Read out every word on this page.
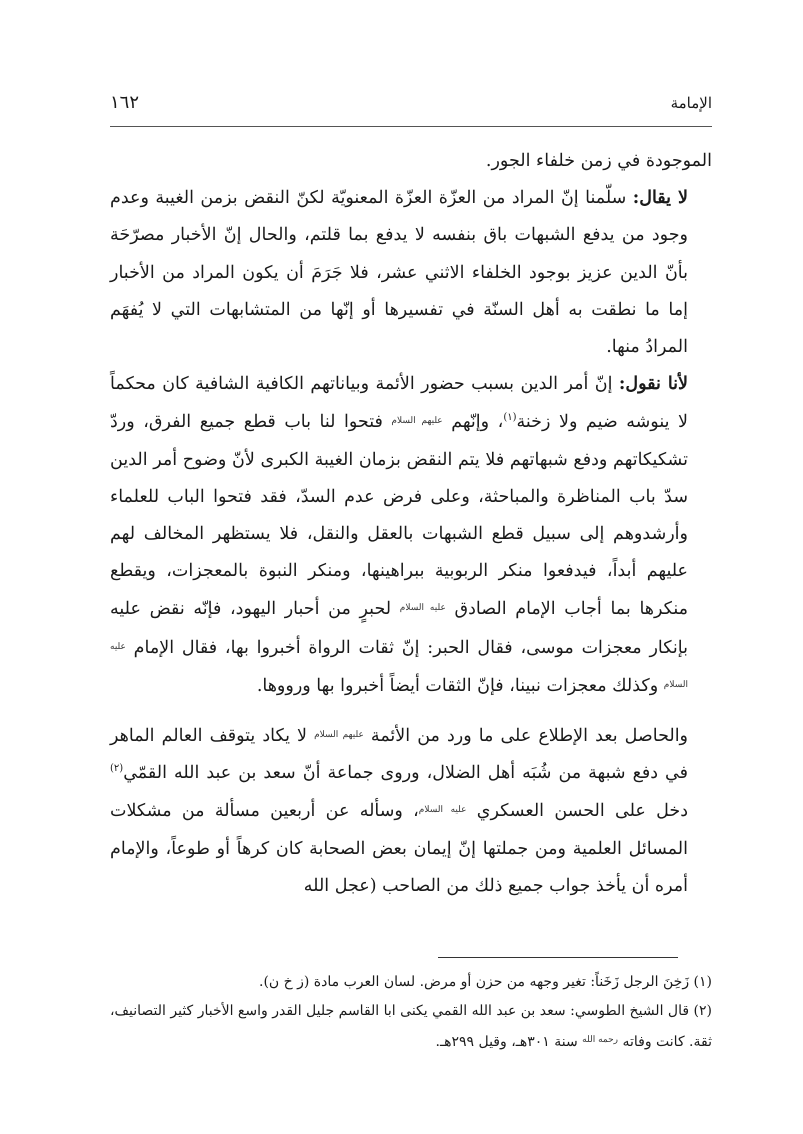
الإمامة
١٦٢

الموجودة في زمن خلفاء الجور.

لا يقال: سلّمنا إنّ المراد من العزّة العزّة المعنويّة لكنّ النقض بزمن الغيبة وعدم وجود من يدفع الشبهات باق بنفسه لا يدفع بما قلتم، والحال إنّ الأخبار مصرّحَة بأنّ الدين عزيز بوجود الخلفاء الاثني عشر، فلا جَرَمَ أن يكون المراد من الأخبار إما ما نطقت به أهل السنّة في تفسيرها أو إنّها من المتشابهات التي لا يُفهَم المرادُ منها.

لأنا نقول: إنّ أمر الدين بسبب حضور الأئمة وبياناتهم الكافية الشافية كان محكماً لا ينوشه ضيم ولا زخنة$^{(١)}$، وإنّهم $^{عليهم السلام}$ فتحوا لنا باب قطع جميع الفرق، وردّ تشكيكاتهم ودفع شبهاتهم فلا يتم النقض بزمان الغيبة الكبرى لأنّ وضوح أمر الدين سدّ باب المناظرة والمباحثة، وعلى فرض عدم السدّ، فقد فتحوا الباب للعلماء وأرشدوهم إلى سبيل قطع الشبهات بالعقل والنقل، فلا يستظهر المخالف لهم عليهم أبداً، فيدفعوا منكر الربوبية ببراهينها، ومنكر النبوة بالمعجزات، ويقطع منكرها بما أجاب الإمام الصادق $^{عليه السلام}$ لحبرٍ من أحبار اليهود، فإنّه نقض عليه بإنكار معجزات موسى، فقال الحبر: إنّ ثقات الرواة أخبروا بها، فقال الإمام $^{عليه السلام}$ وكذلك معجزات نبينا، فإنّ الثقات أيضاً أخبروا بها ورووها.

والحاصل بعد الإطلاع على ما ورد من الأئمة $^{عليهم السلام}$ لا يكاد يتوقف العالم الماهر في دفع شبهة من شُبَه أهل الضلال، وروى جماعة أنّ سعد بن عبد الله القمّي$^{(٢)}$ دخل على الحسن العسكري $^{عليه السلام}$، وسأله عن أربعين مسألة من مشكلات المسائل العلمية ومن جملتها إنّ إيمان بعض الصحابة كان كرهاً أو طوعاً، والإمام أمره أن يأخذ جواب جميع ذلك من الصاحب (عجل الله

(١) زَخِنَ الرجل زَخَناً: تغير وجهه من حزن أو مرض. لسان العرب مادة (ز خ ن).

(٢) قال الشيخ الطوسي: سعد بن عبد الله القمي يكنى ابا القاسم جليل القدر واسع الأخبار كثير التصانيف، ثقة. كانت وفاته $^{رحمه الله}$ سنة ٣٠١هـ، وقيل ٢٩٩هـ.
